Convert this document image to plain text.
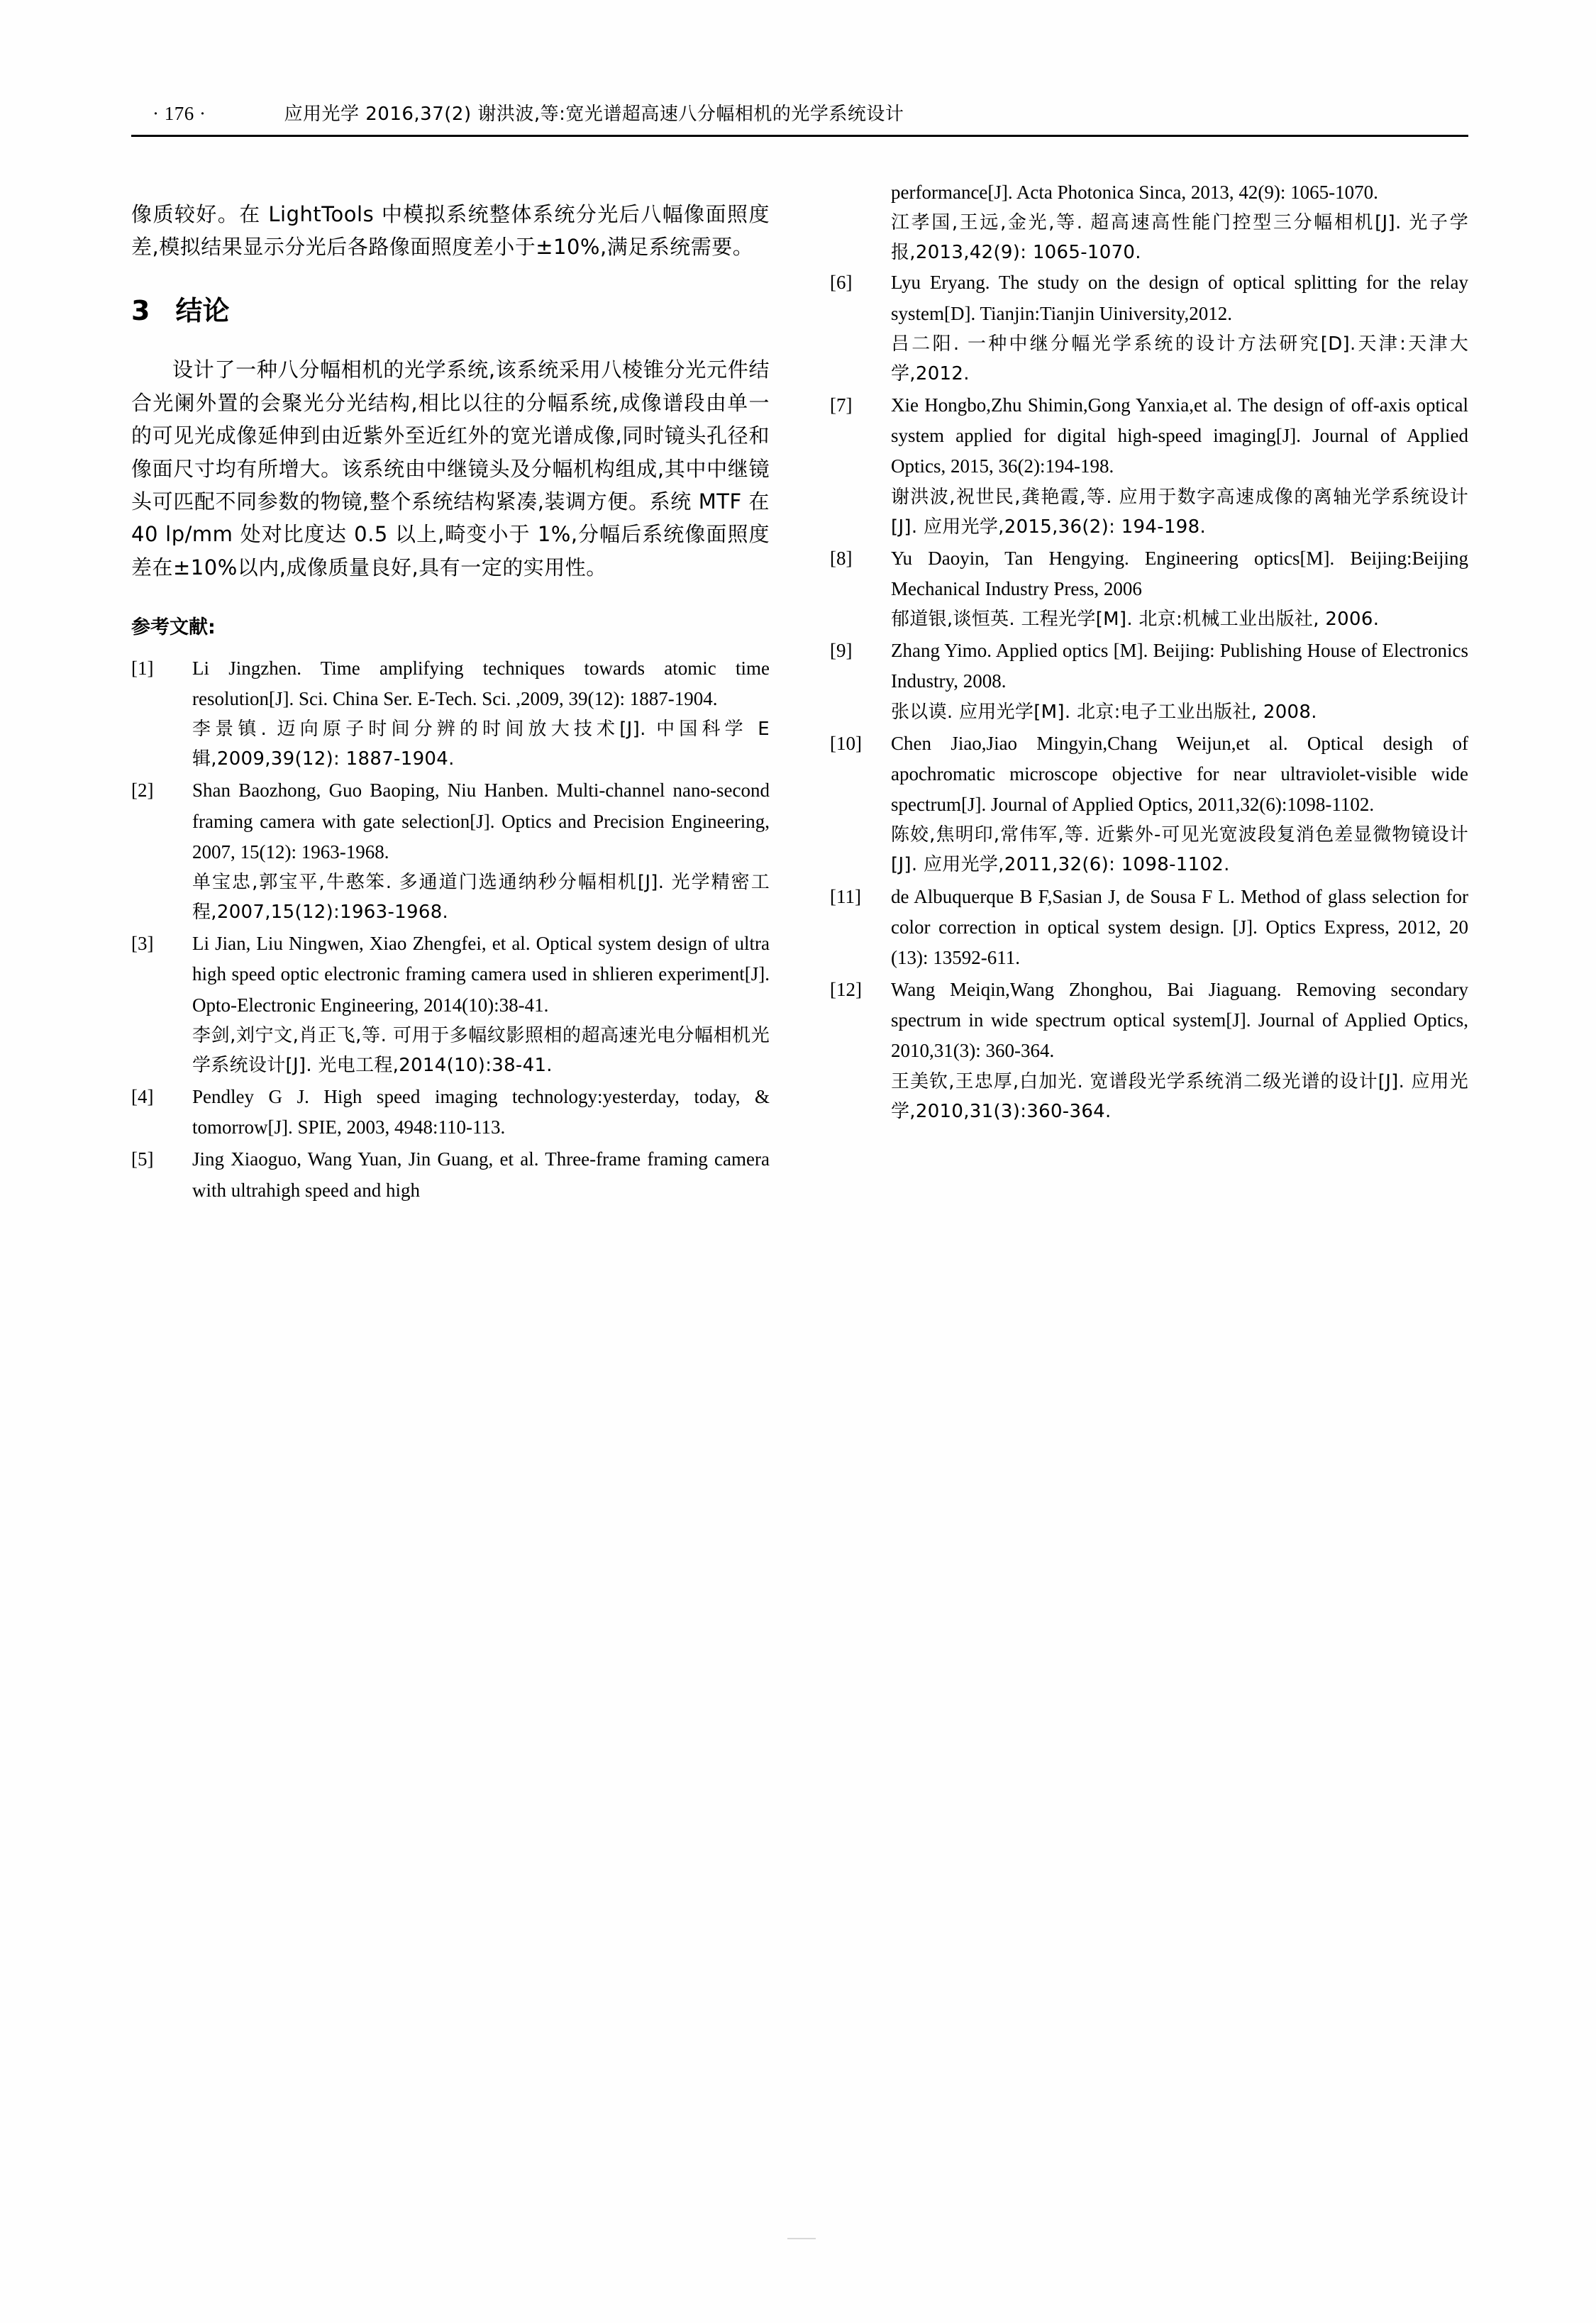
· 176 ·	应用光学 2016,37(2) 谢洪波,等:宽光谱超高速八分幅相机的光学系统设计

像质较好。在 LightTools 中模拟系统整体系统分光后八幅像面照度差,模拟结果显示分光后各路像面照度差小于±10%,满足系统需要。

3 结论

设计了一种八分幅相机的光学系统,该系统采用八棱锥分光元件结合光阑外置的会聚光分光结构,相比以往的分幅系统,成像谱段由单一的可见光成像延伸到由近紫外至近红外的宽光谱成像,同时镜头孔径和像面尺寸均有所增大。该系统由中继镜头及分幅机构组成,其中中继镜头可匹配不同参数的物镜,整个系统结构紧凑,装调方便。系统 MTF 在 40 lp/mm 处对比度达 0.5 以上,畸变小于 1%,分幅后系统像面照度差在±10%以内,成像质量良好,具有一定的实用性。

参考文献:
[1]	Li Jingzhen. Time amplifying techniques towards atomic time resolution[J]. Sci. China Ser. E-Tech. Sci. ,2009, 39(12): 1887-1904.
李景镇. 迈向原子时间分辨的时间放大技术[J]. 中国科学 E 辑,2009,39(12): 1887-1904.
[2]	Shan Baozhong, Guo Baoping, Niu Hanben. Multi-channel nano-second framing camera with gate selection[J]. Optics and Precision Engineering, 2007, 15(12): 1963-1968.
单宝忠,郭宝平,牛憨笨. 多通道门选通纳秒分幅相机[J]. 光学精密工程,2007,15(12):1963-1968.
[3]	Li Jian, Liu Ningwen, Xiao Zhengfei, et al. Optical system design of ultra high speed optic electronic framing camera used in shlieren experiment[J]. Opto-Electronic Engineering, 2014(10):38-41.
李剑,刘宁文,肖正飞,等. 可用于多幅纹影照相的超高速光电分幅相机光学系统设计[J]. 光电工程,2014(10):38-41.
[4]	Pendley G J. High speed imaging technology:yesterday, today, & tomorrow[J]. SPIE, 2003, 4948:110-113.
[5]	Jing Xiaoguo, Wang Yuan, Jin Guang, et al. Three-frame framing camera with ultrahigh speed and high
performance[J]. Acta Photonica Sinca, 2013, 42(9): 1065-1070.
江孝国,王远,金光,等. 超高速高性能门控型三分幅相机[J]. 光子学报,2013,42(9): 1065-1070.
[6]	Lyu Eryang. The study on the design of optical splitting for the relay system[D]. Tianjin:Tianjin Uiniversity,2012.
吕二阳. 一种中继分幅光学系统的设计方法研究[D].天津:天津大学,2012.
[7]	Xie Hongbo,Zhu Shimin,Gong Yanxia,et al. The design of off-axis optical system applied for digital high-speed imaging[J]. Journal of Applied Optics, 2015, 36(2):194-198.
谢洪波,祝世民,龚艳霞,等. 应用于数字高速成像的离轴光学系统设计[J]. 应用光学,2015,36(2): 194-198.
[8]	Yu Daoyin, Tan Hengying. Engineering optics[M]. Beijing:Beijing Mechanical Industry Press, 2006
郁道银,谈恒英. 工程光学[M]. 北京:机械工业出版社, 2006.
[9]	Zhang Yimo. Applied optics [M]. Beijing: Publishing House of Electronics Industry, 2008.
张以谟. 应用光学[M]. 北京:电子工业出版社, 2008.
[10]	Chen Jiao,Jiao Mingyin,Chang Weijun,et al. Optical desigh of apochromatic microscope objective for near ultraviolet-visible wide spectrum[J]. Journal of Applied Optics, 2011,32(6):1098-1102.
陈姣,焦明印,常伟军,等. 近紫外-可见光宽波段复消色差显微物镜设计[J]. 应用光学,2011,32(6): 1098-1102.
[11]	de Albuquerque B F,Sasian J, de Sousa F L. Method of glass selection for color correction in optical system design. [J]. Optics Express, 2012, 20 (13): 13592-611.
[12]	Wang Meiqin,Wang Zhonghou, Bai Jiaguang. Removing secondary spectrum in wide spectrum optical system[J]. Journal of Applied Optics, 2010,31(3): 360-364.
王美钦,王忠厚,白加光. 宽谱段光学系统消二级光谱的设计[J]. 应用光学,2010,31(3):360-364.
